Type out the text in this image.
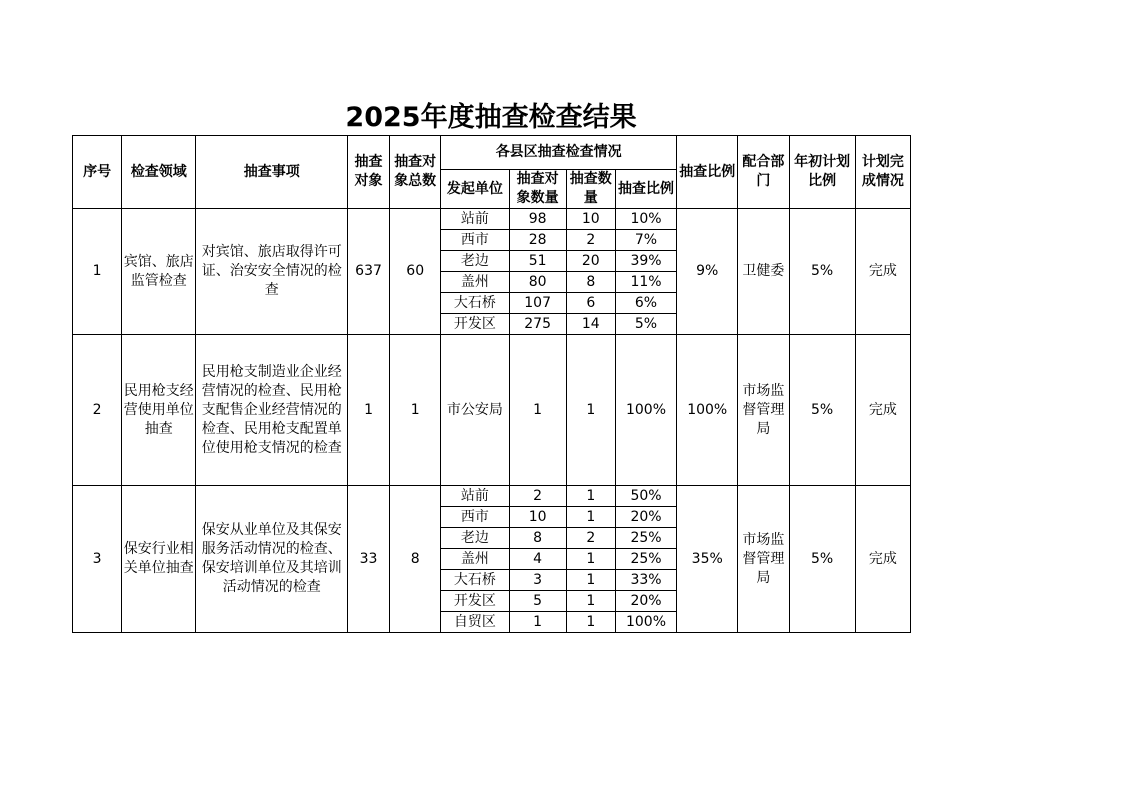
2025年度抽查检查结果
序号	检查领域	抽查事项	抽查对象	抽查对象总数	各县区抽查检查情况				抽查比例	配合部门	年初计划比例	计划完成情况
					发起单位	抽查对象数量	抽查数量	抽查比例				
1	宾馆、旅店监管检查	对宾馆、旅店取得许可证、治安安全情况的检查	637	60	站前	98	10	10%	9%	卫健委	5%	完成
					西市	28	2	7%				
					老边	51	20	39%				
					盖州	80	8	11%				
					大石桥	107	6	6%				
					开发区	275	14	5%				
2	民用枪支经营使用单位抽查	民用枪支制造业企业经营情况的检查、民用枪支配售企业经营情况的检查、民用枪支配置单位使用枪支情况的检查	1	1	市公安局	1	1	100%	100%	市场监督管理局	5%	完成
3	保安行业相关单位抽查	保安从业单位及其保安服务活动情况的检查、保安培训单位及其培训活动情况的检查	33	8	站前	2	1	50%	35%	市场监督管理局	5%	完成
					西市	10	1	20%				
					老边	8	2	25%				
					盖州	4	1	25%				
					大石桥	3	1	33%				
					开发区	5	1	20%				
					自贸区	1	1	100%				
